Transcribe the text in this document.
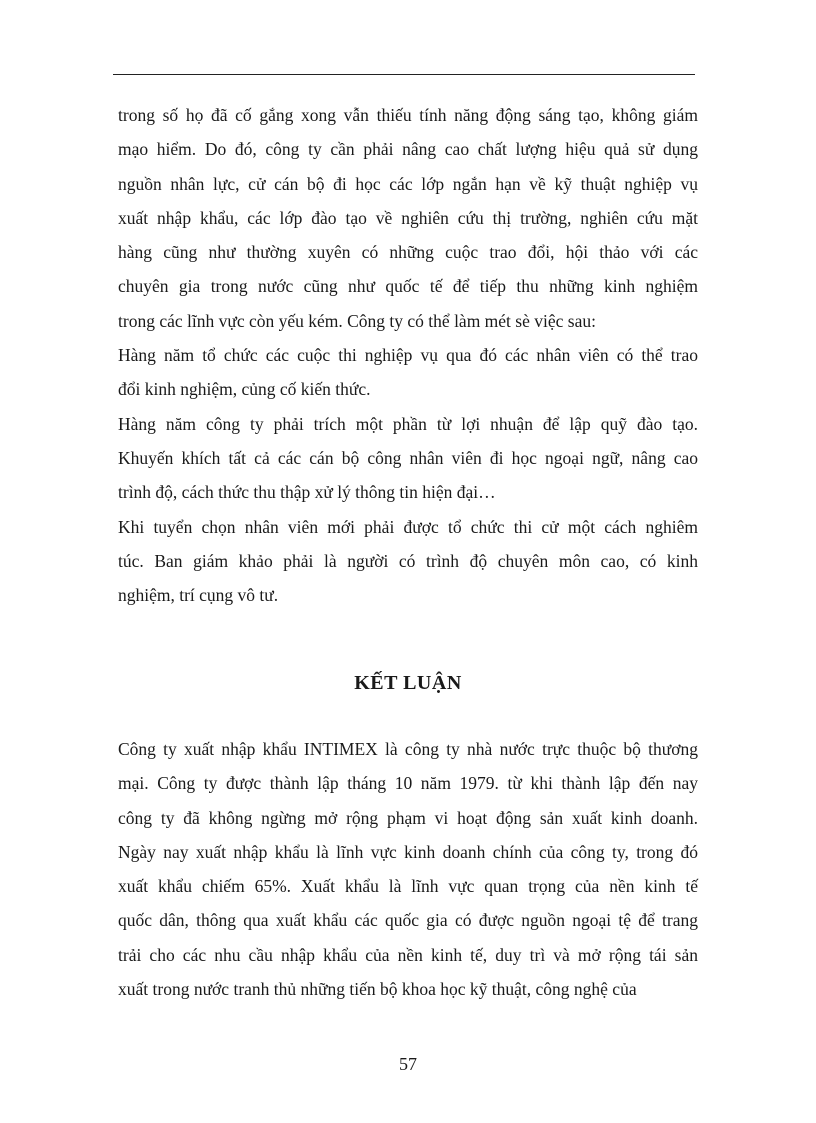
trong số họ đã cố gắng xong vẫn thiếu tính năng động sáng tạo, không giám
mạo hiểm. Do đó, công ty cần phải nâng cao chất lượng hiệu quả sử dụng
nguồn nhân lực, cử cán bộ đi học các lớp ngắn hạn về kỹ thuật nghiệp vụ
xuất nhập khẩu, các lớp đào tạo về nghiên cứu thị trường, nghiên cứu mặt
hàng cũng như thường xuyên có những cuộc trao đổi, hội thảo với các
chuyên gia trong nước cũng như quốc tế để tiếp thu những kinh nghiệm
trong các lĩnh vực còn yếu kém. Công ty có thể làm mét sè việc sau:
Hàng năm tổ chức các cuộc thi nghiệp vụ qua đó các nhân viên có thể trao
đổi kinh nghiệm, củng cố kiến thức.
Hàng năm công ty phải trích một phần từ lợi nhuận để lập quỹ đào tạo.
Khuyến khích tất cả các cán bộ công nhân viên đi học ngoại ngữ, nâng cao
trình độ, cách thức thu thập xử lý thông tin hiện đại…
Khi tuyển chọn nhân viên mới phải được tổ chức thi cử một cách nghiêm
túc. Ban giám khảo phải là người có trình độ chuyên môn cao, có kinh
nghiệm, trí cụng vô tư.
KẾT LUẬN
Công ty xuất nhập khẩu INTIMEX là công ty nhà nước trực thuộc bộ thương
mại. Công ty được thành lập tháng 10 năm 1979. từ khi thành lập đến nay
công ty đã không ngừng mở rộng phạm vi hoạt động sản xuất kinh doanh.
Ngày nay xuất nhập khẩu là lĩnh vực kinh doanh chính của công ty, trong đó
xuất khẩu chiếm 65%. Xuất khẩu là lĩnh vực quan trọng của nền kinh tế
quốc dân, thông qua xuất khẩu các quốc gia có được nguồn ngoại tệ để trang
trải cho các nhu cầu nhập khẩu của nền kinh tế, duy trì và mở rộng tái sản
xuất trong nước tranh thủ những tiến bộ khoa học kỹ thuật, công nghệ của
57
